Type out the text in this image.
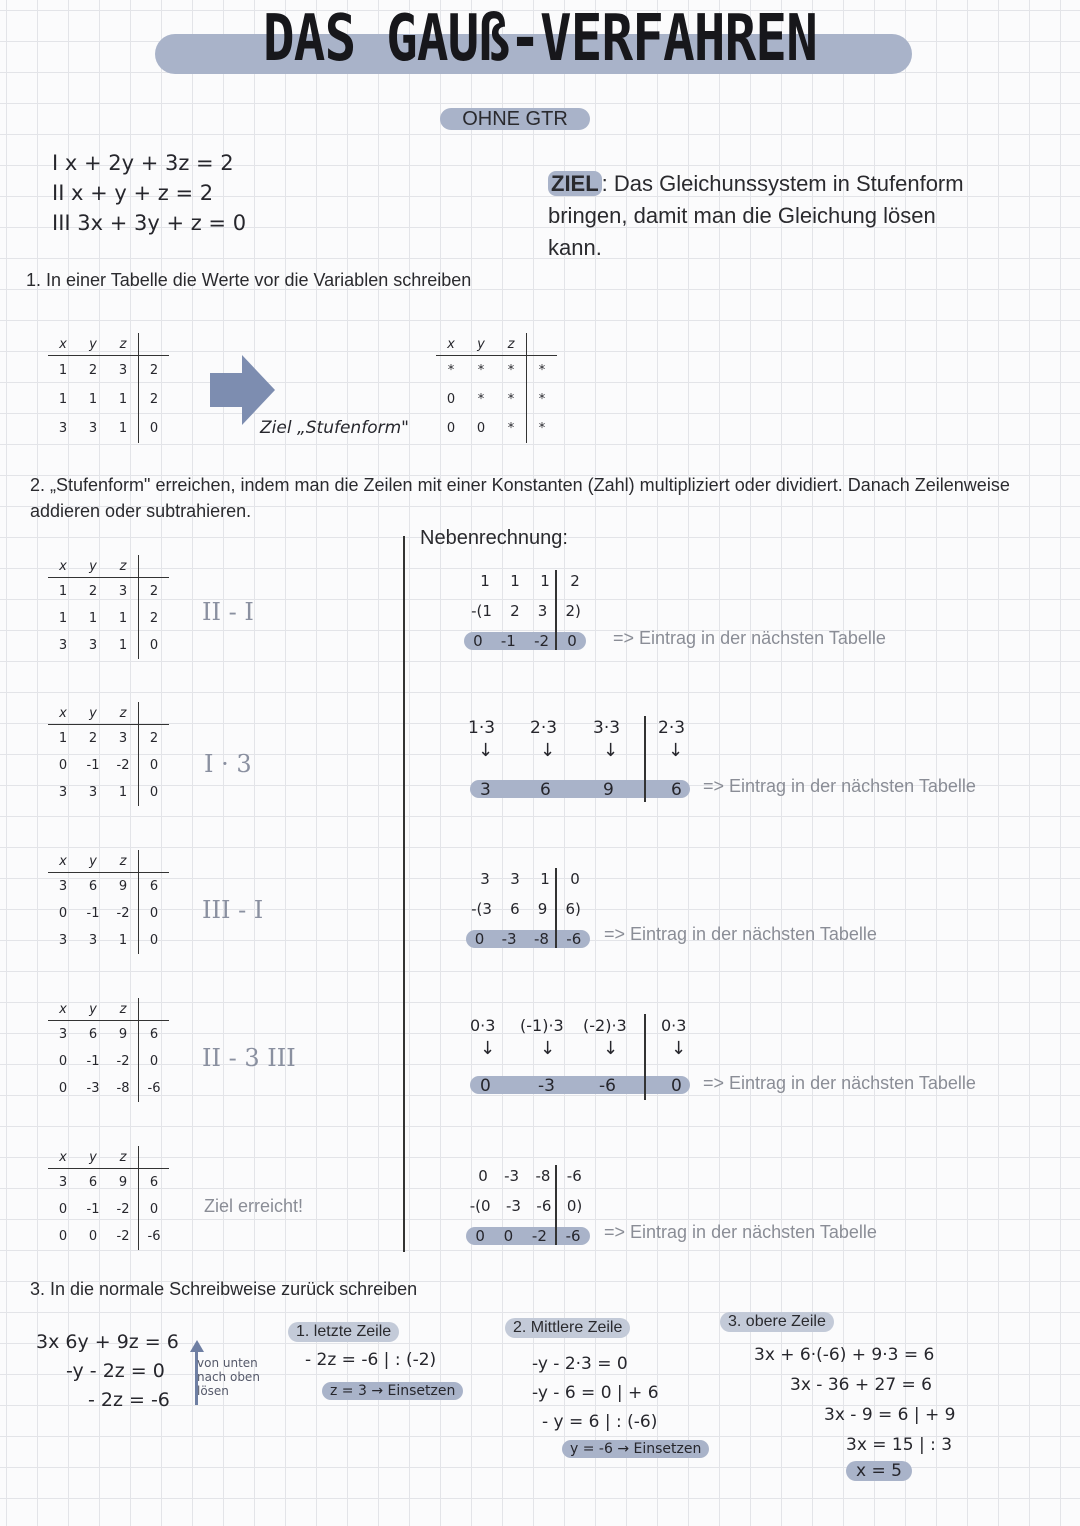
DAS GAUß-VERFAHREN
OHNE GTR
I x + 2y + 3z = 2
II x + y + z = 2
III 3x + 3y + z = 0
ZIEL : Das Gleichunssystem in Stufenform bringen, damit man die Gleichung lösen kann.
1. In einer Tabelle die Werte vor die Variablen schreiben
x	y	z	
1	2	3	2
1	1	1	2
3	3	1	0	Ziel „Stufenform"
x	y	z	
*	*	*	*
0	*	*	*
0	0	*	*
2. „Stufenform" erreichen, indem man die Zeilen mit einer Konstanten (Zahl) multipliziert oder dividiert. Danach Zeilenweise addieren oder subtrahieren.
Nebenrechnung:
x	y	z	
1	2	3	2
1	1	1	2
3	3	1	0
II - I
x	y	z	
1	2	3	2
0	-1	-2	0
3	3	1	0
I · 3
x	y	z	
3	6	9	6
0	-1	-2	0
3	3	1	0
III - I
x	y	z	
3	6	9	6
0	-1	-2	0
0	-3	-8	-6
II - 3 III
x	y	z	
3	6	9	6
0	-1	-2	0
0	0	-2	-6
Ziel erreicht!
1 1 1 2
-(1 2 3 2)
0 -1 -2 0 => Eintrag in der nächsten Tabelle
1·3 2·3 3·3 2·3
↓	↓	↓	↓
3	6	9	6 => Eintrag in der nächsten Tabelle
3 3 1 0
-(3 6 9 6)
0 -3 -8 -6 => Eintrag in der nächsten Tabelle
0·3 (-1)·3 (-2)·3 0·3
↓ ↓	↓	↓
0	-3	-6	0 => Eintrag in der nächsten Tabelle
0 -3 -8 -6
-(0 -3 -6 0)
0 0 -2 -6 => Eintrag in der nächsten Tabelle
3. In die normale Schreibweise zurück schreiben
3x 6y + 9z = 6
-y - 2z = 0
- 2z = -6
von unten nach oben lösen
1. letzte Zeile
- 2z = -6 | : (-2)
z = 3 → Einsetzen
2. Mittlere Zeile
-y - 2·3 = 0
-y - 6 = 0 | + 6
- y = 6 | : (-6)
y = -6 → Einsetzen
3. obere Zeile
3x + 6·(-6) + 9·3 = 6
3x - 36 + 27 = 6
3x - 9 = 6 | + 9
3x = 15 | : 3
x = 5
